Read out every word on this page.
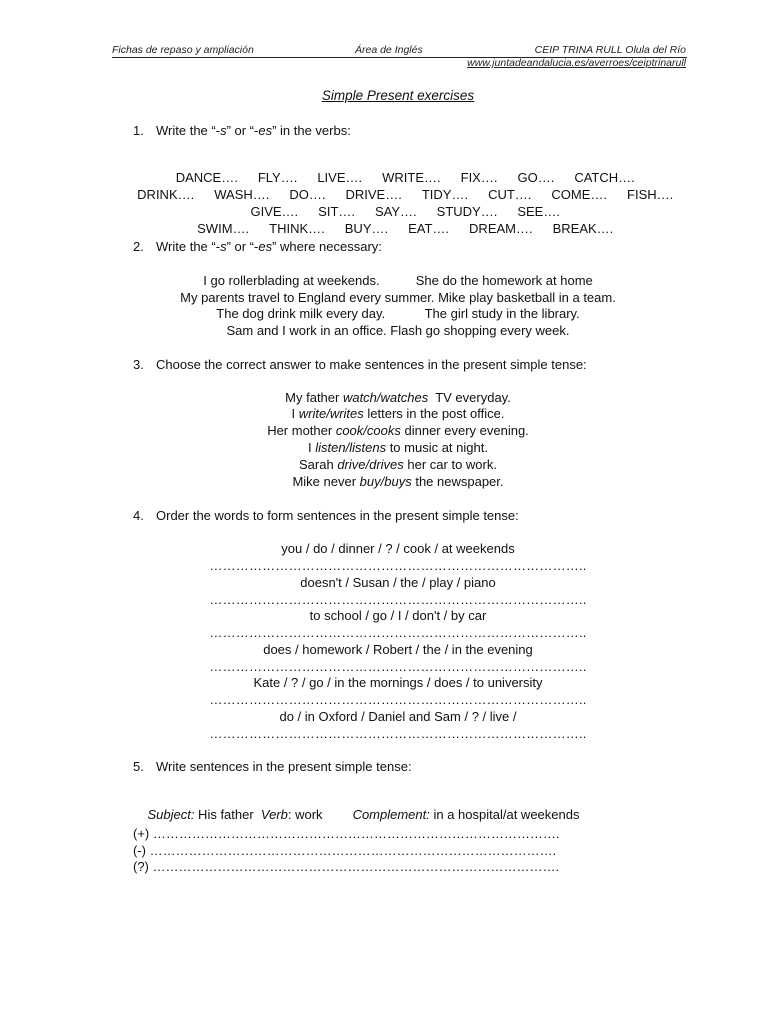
Fichas de repaso y ampliación	Área de Inglés	CEIP TRINA RULL Olula del Río
www.juntadeandalucia.es/averroes/ceiptrinarull
Simple Present exercises
1. Write the “-s” or “-es” in the verbs:

DANCE…. FLY…. LIVE…. WRITE…. FIX…. GO…. CATCH….

DRINK…. WASH…. DO…. DRIVE…. TIDY…. CUT…. COME…. FISH….

GIVE…. SIT…. SAY…. STUDY…. SEE….

SWIM…. THINK…. BUY…. EAT…. DREAM…. BREAK….

2. Write the “-s” or “-es” where necessary:
I go rollerblading at weekends.          She do the homework at home
My parents travel to England every summer. Mike play basketball in a team.
The dog drink milk every day.           The girl study in the library.
Sam and I work in an office. Flash go shopping every week.
3. Choose the correct answer to make sentences in the present simple tense:
My father watch/watches  TV everyday.
I write/writes letters in the post office.
Her mother cook/cooks dinner every evening.
I listen/listens to music at night.
Sarah drive/drives her car to work.
Mike never buy/buys the newspaper.
4. Order the words to form sentences in the present simple tense:
you / do / dinner / ? / cook / at weekends
…………………………………………………………………………..
doesn't / Susan / the / play / piano
…………………………………………………………………………..
to school / go / I / don't / by car
…………………………………………………………………………..
does / homework / Robert / the / in the evening
…………………………………………………………………………..
Kate / ? / go / in the mornings / does / to university
…………………………………………………………………………..
do / in Oxford / Daniel and Sam / ? / live /
…………………………………………………………………………..
5. Write sentences in the present simple tense:

Subject: His father  Verb: work Complement: in a hospital/at weekends

(+) ………………………………………………………………………………….
(-) ………………………………………………………………………………….
(?) ………………………………………………………………………………….
